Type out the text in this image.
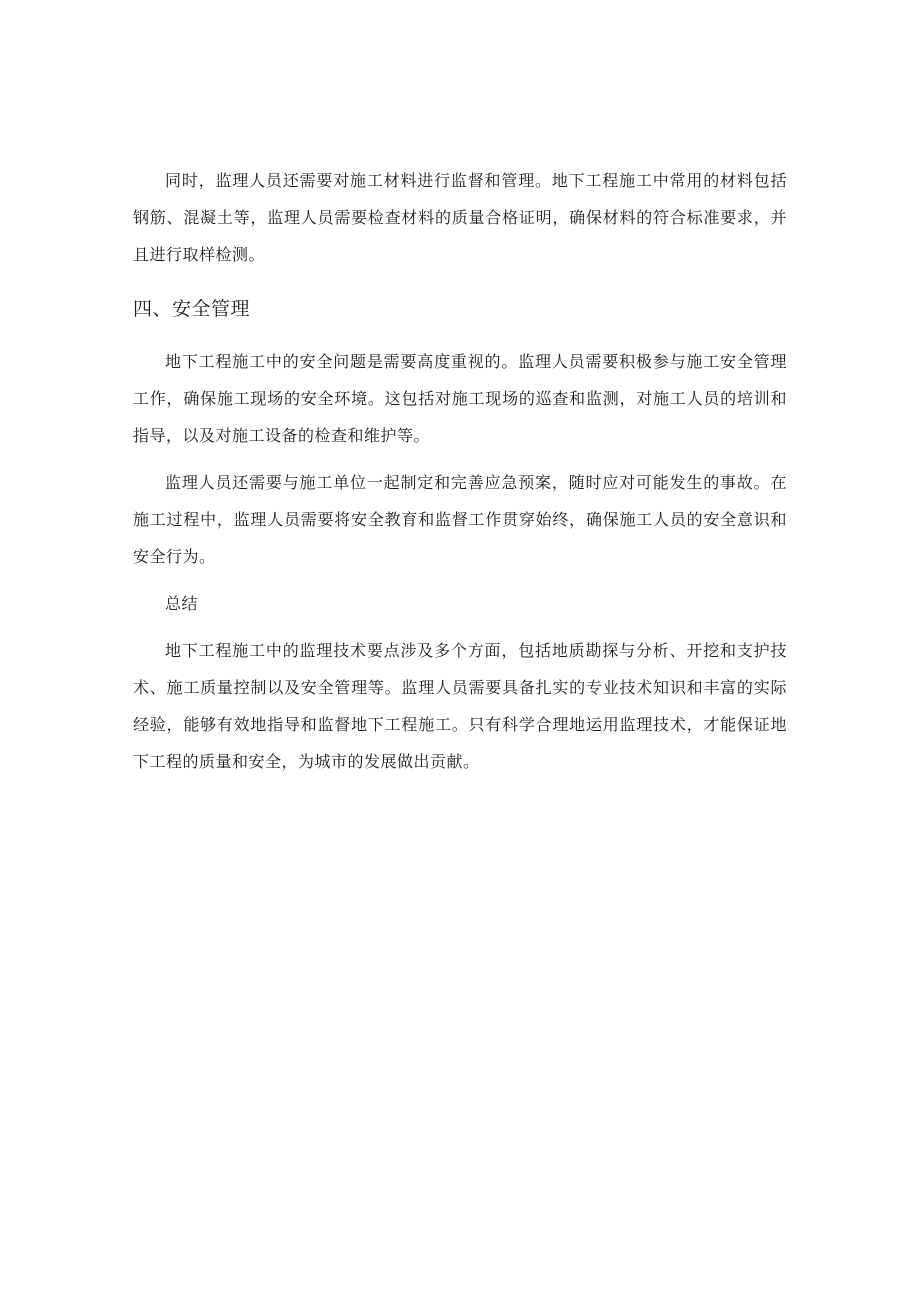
同时，监理人员还需要对施工材料进行监督和管理。地下工程施工中常用的材料包括钢筋、混凝土等，监理人员需要检查材料的质量合格证明，确保材料的符合标准要求，并且进行取样检测。

四、安全管理

地下工程施工中的安全问题是需要高度重视的。监理人员需要积极参与施工安全管理工作，确保施工现场的安全环境。这包括对施工现场的巡查和监测，对施工人员的培训和指导，以及对施工设备的检查和维护等。

监理人员还需要与施工单位一起制定和完善应急预案，随时应对可能发生的事故。在施工过程中，监理人员需要将安全教育和监督工作贯穿始终，确保施工人员的安全意识和安全行为。

总结

地下工程施工中的监理技术要点涉及多个方面，包括地质勘探与分析、开挖和支护技术、施工质量控制以及安全管理等。监理人员需要具备扎实的专业技术知识和丰富的实际经验，能够有效地指导和监督地下工程施工。只有科学合理地运用监理技术，才能保证地下工程的质量和安全，为城市的发展做出贡献。
